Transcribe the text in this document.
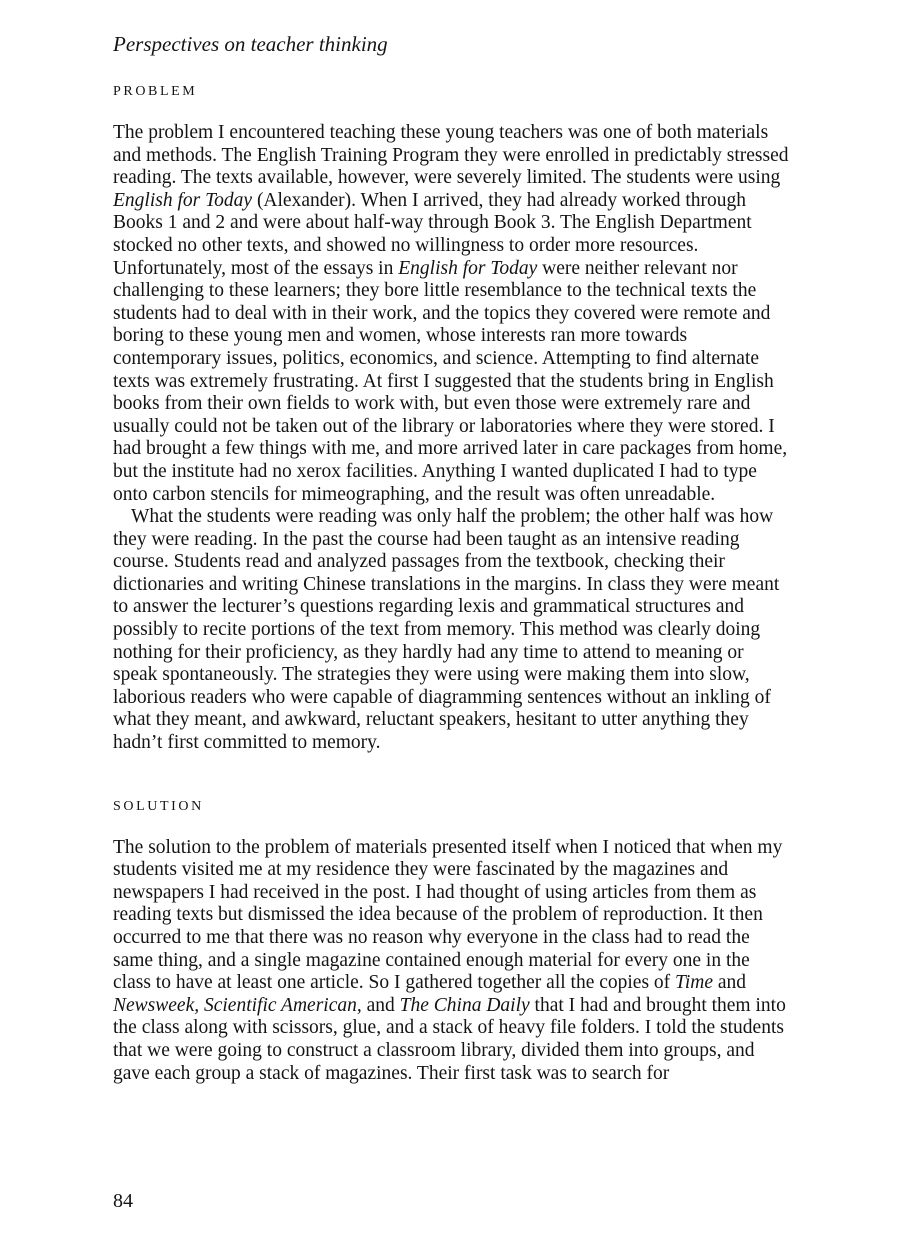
Perspectives on teacher thinking

PROBLEM

The problem I encountered teaching these young teachers was one of both materials and methods. The English Training Program they were enrolled in predictably stressed reading. The texts available, however, were severely limited. The students were using English for Today (Alexander). When I arrived, they had already worked through Books 1 and 2 and were about half-way through Book 3. The English Department stocked no other texts, and showed no willingness to order more resources. Unfortunately, most of the essays in English for Today were neither relevant nor challenging to these learners; they bore little resemblance to the technical texts the students had to deal with in their work, and the topics they covered were remote and boring to these young men and women, whose interests ran more towards contemporary issues, politics, economics, and science. Attempting to find alternate texts was extremely frustrating. At first I suggested that the students bring in English books from their own fields to work with, but even those were extremely rare and usually could not be taken out of the library or laboratories where they were stored. I had brought a few things with me, and more arrived later in care packages from home, but the institute had no xerox facilities. Anything I wanted duplicated I had to type onto carbon stencils for mimeographing, and the result was often unreadable.

What the students were reading was only half the problem; the other half was how they were reading. In the past the course had been taught as an intensive reading course. Students read and analyzed passages from the textbook, checking their dictionaries and writing Chinese translations in the margins. In class they were meant to answer the lecturer’s questions regarding lexis and grammatical structures and possibly to recite portions of the text from memory. This method was clearly doing nothing for their proficiency, as they hardly had any time to attend to meaning or speak spontaneously. The strategies they were using were making them into slow, laborious readers who were capable of diagramming sentences without an inkling of what they meant, and awkward, reluctant speakers, hesitant to utter anything they hadn’t first committed to memory.

SOLUTION

The solution to the problem of materials presented itself when I noticed that when my students visited me at my residence they were fascinated by the magazines and newspapers I had received in the post. I had thought of using articles from them as reading texts but dismissed the idea because of the problem of reproduction. It then occurred to me that there was no reason why everyone in the class had to read the same thing, and a single magazine contained enough material for every one in the class to have at least one article. So I gathered together all the copies of Time and Newsweek, Scientific American, and The China Daily that I had and brought them into the class along with scissors, glue, and a stack of heavy file folders. I told the students that we were going to construct a classroom library, divided them into groups, and gave each group a stack of magazines. Their first task was to search for

84
